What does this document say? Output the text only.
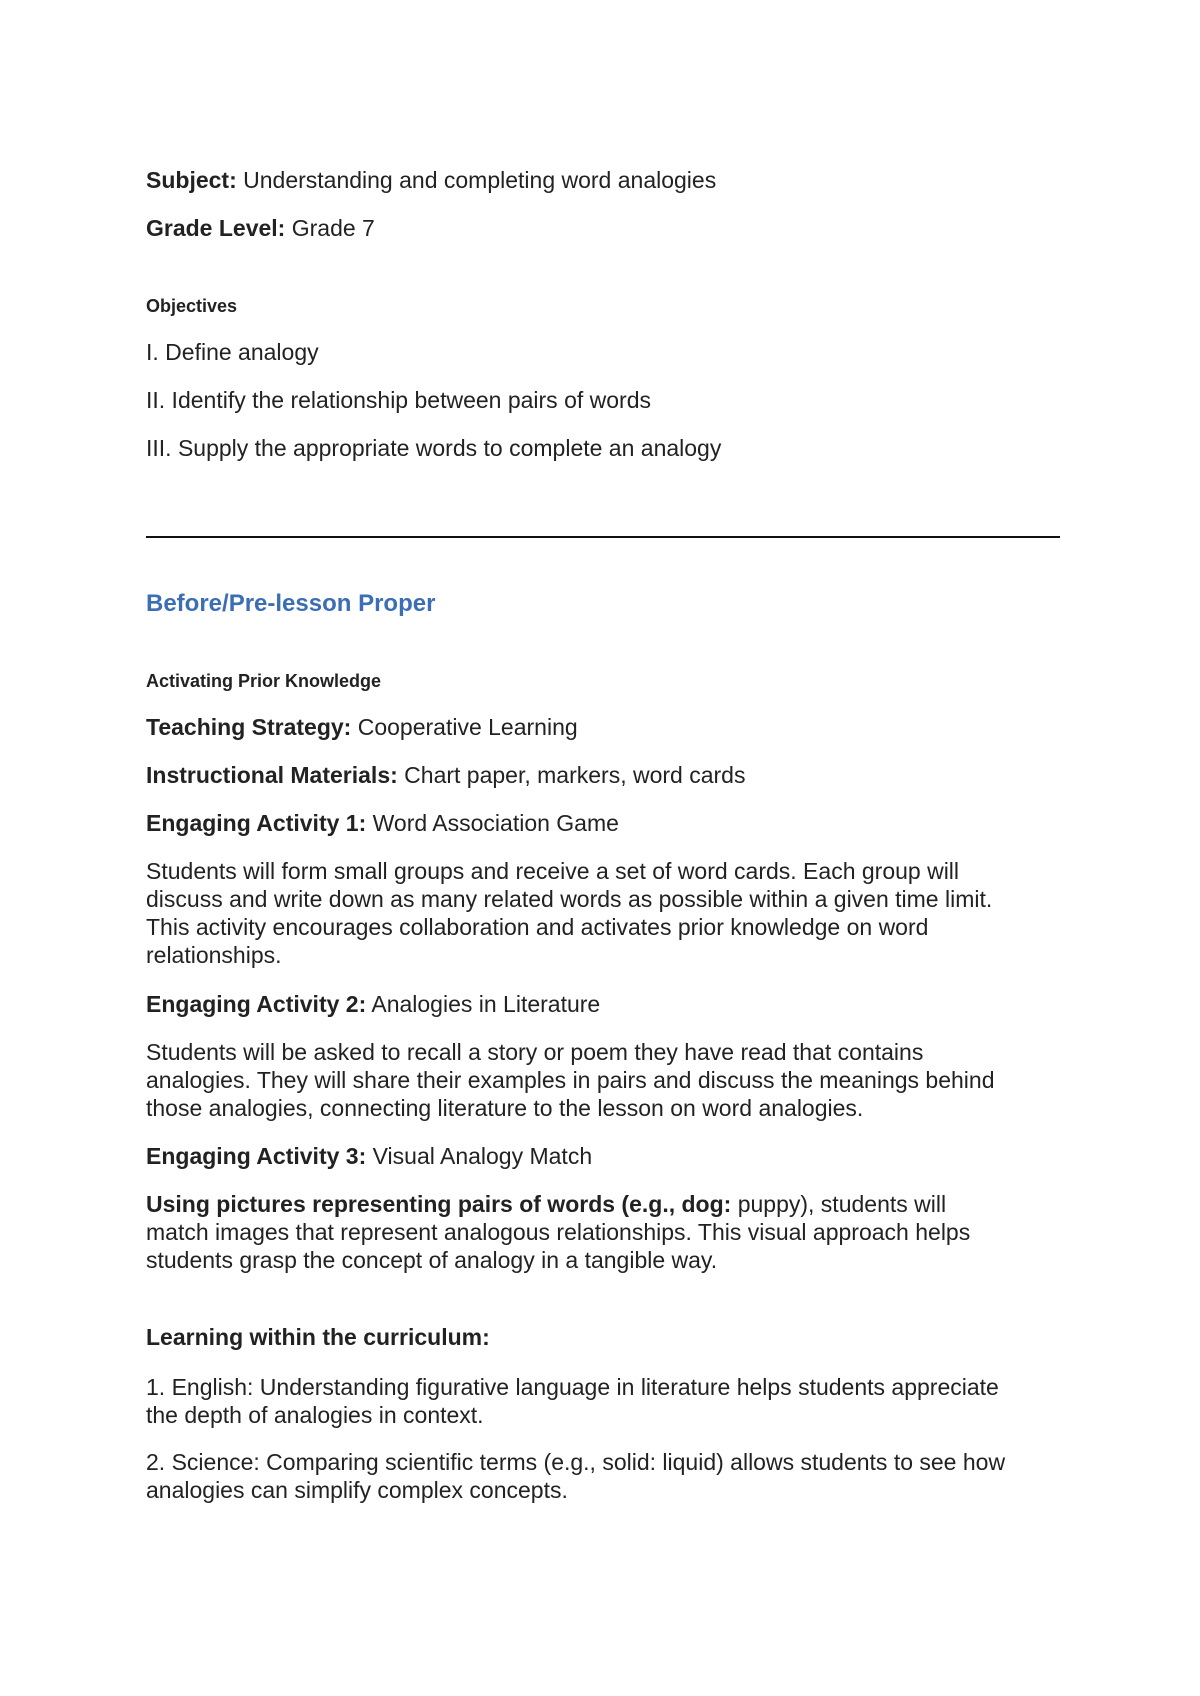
Subject: Understanding and completing word analogies
Grade Level: Grade 7
Objectives
I. Define analogy
II. Identify the relationship between pairs of words
III. Supply the appropriate words to complete an analogy
Before/Pre-lesson Proper
Activating Prior Knowledge
Teaching Strategy: Cooperative Learning
Instructional Materials: Chart paper, markers, word cards
Engaging Activity 1: Word Association Game

Students will form small groups and receive a set of word cards. Each group will

discuss and write down as many related words as possible within a given time limit.

This activity encourages collaboration and activates prior knowledge on word

relationships.

Engaging Activity 2: Analogies in Literature

Students will be asked to recall a story or poem they have read that contains

analogies. They will share their examples in pairs and discuss the meanings behind

those analogies, connecting literature to the lesson on word analogies.

Engaging Activity 3: Visual Analogy Match

Using pictures representing pairs of words (e.g., dog: puppy), students will

match images that represent analogous relationships. This visual approach helps

students grasp the concept of analogy in a tangible way.

Learning within the curriculum:

1. English: Understanding figurative language in literature helps students appreciate

the depth of analogies in context.

2. Science: Comparing scientific terms (e.g., solid: liquid) allows students to see how

analogies can simplify complex concepts.
